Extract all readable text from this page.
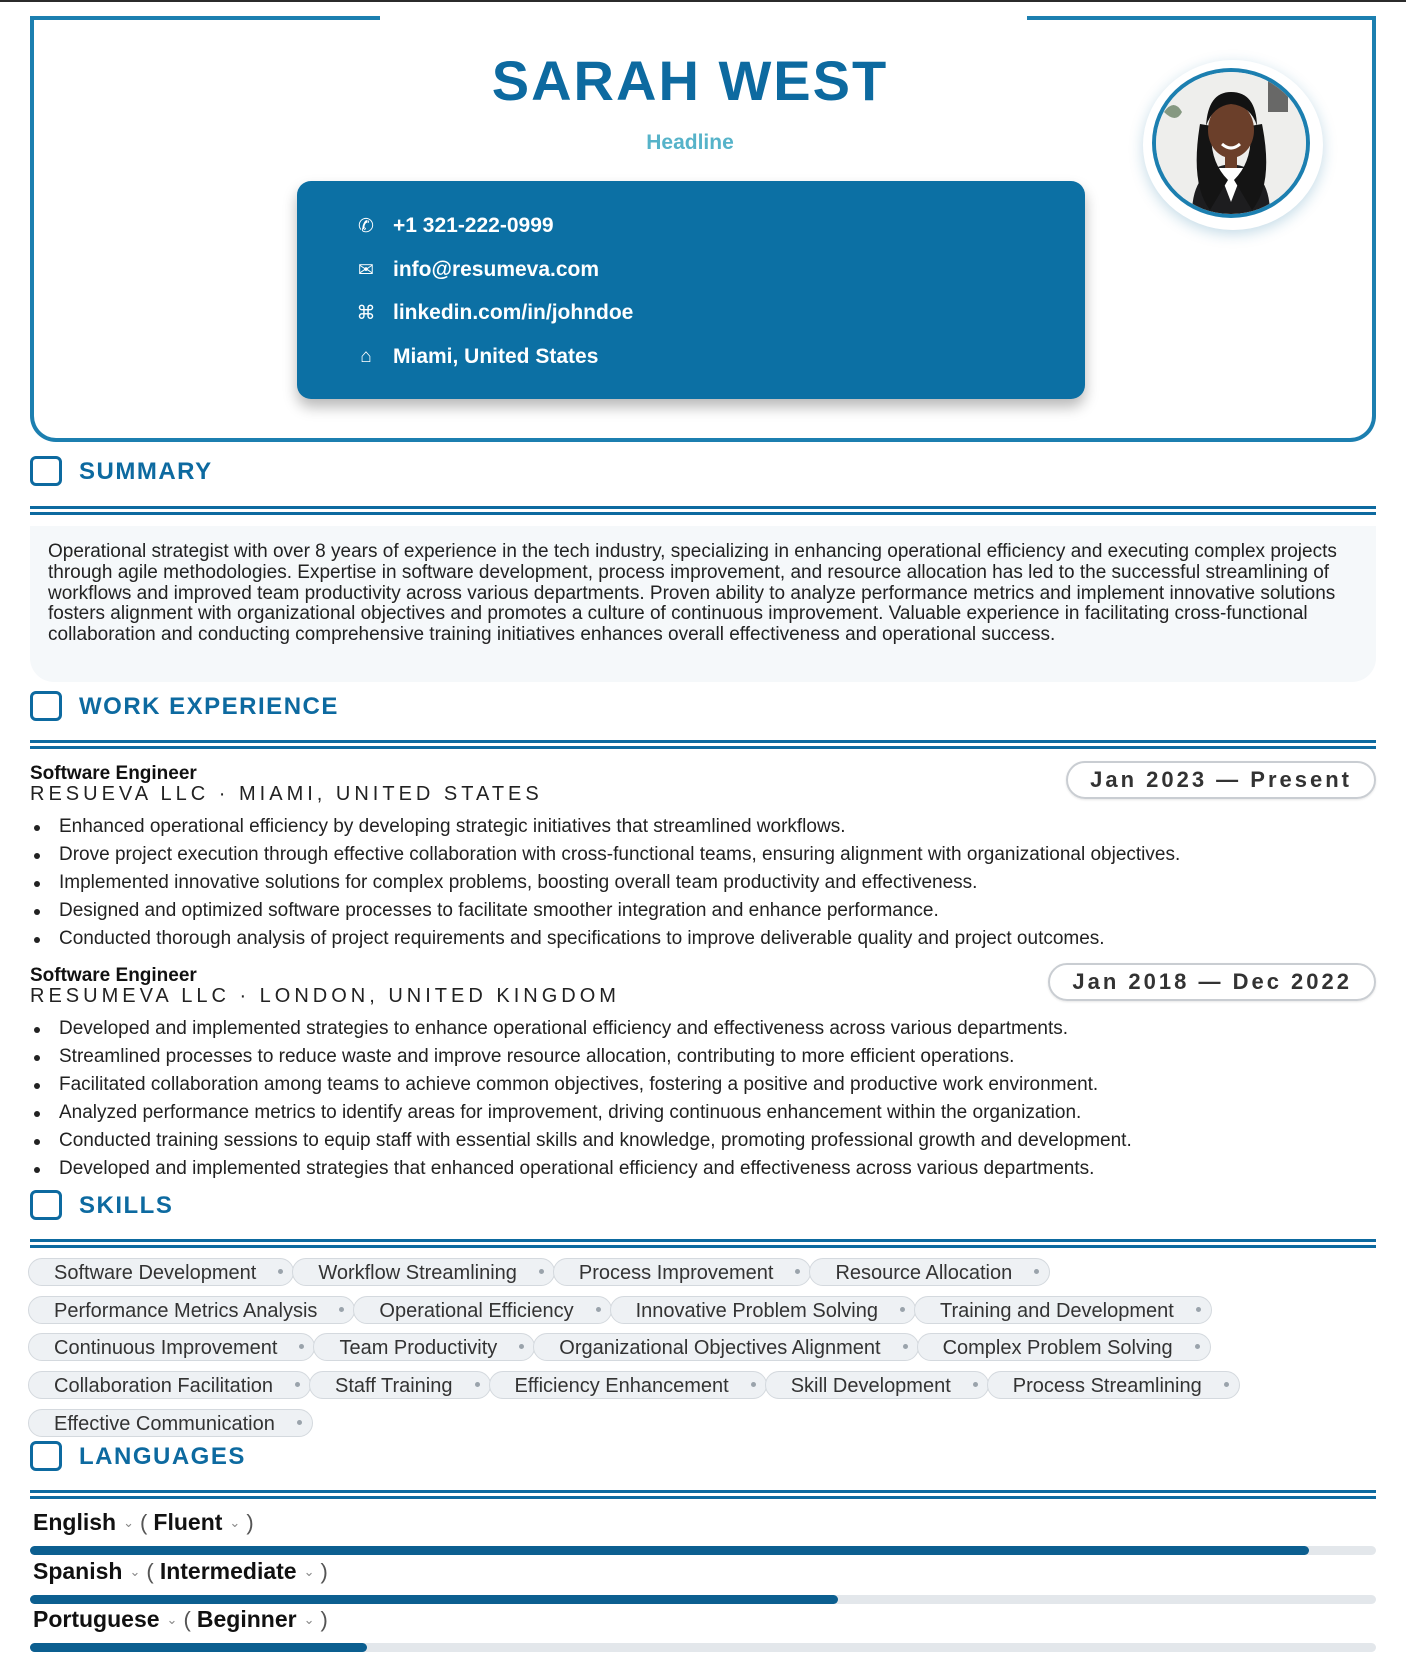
SARAH WEST
Headline
✆ +1 321-222-0999
✉ info@resumeva.com
⌘ linkedin.com/in/johndoe
⌂	Miami, United States
SUMMARY

Operational strategist with over 8 years of experience in the tech industry, specializing in enhancing operational efficiency and executing complex projects through agile methodologies. Expertise in software development, process improvement, and resource allocation has led to the successful streamlining of workflows and improved team productivity across various departments. Proven ability to analyze performance metrics and implement innovative solutions fosters alignment with organizational objectives and promotes a culture of continuous improvement. Valuable experience in facilitating cross-functional collaboration and conducting comprehensive training initiatives enhances overall effectiveness and operational success.

WORK EXPERIENCE
Software Engineer
RESUEVA LLC · MIAMI, UNITED STATES
Jan 2023 — Present
Enhanced operational efficiency by developing strategic initiatives that streamlined workflows.
Drove project execution through effective collaboration with cross-functional teams, ensuring alignment with organizational objectives.
Implemented innovative solutions for complex problems, boosting overall team productivity and effectiveness.
Designed and optimized software processes to facilitate smoother integration and enhance performance.
Conducted thorough analysis of project requirements and specifications to improve deliverable quality and project outcomes.
Software Engineer
RESUMEVA LLC · LONDON, UNITED KINGDOM
Jan 2018 — Dec 2022
Developed and implemented strategies to enhance operational efficiency and effectiveness across various departments.
Streamlined processes to reduce waste and improve resource allocation, contributing to more efficient operations.
Facilitated collaboration among teams to achieve common objectives, fostering a positive and productive work environment.
Analyzed performance metrics to identify areas for improvement, driving continuous enhancement within the organization.
Conducted training sessions to equip staff with essential skills and knowledge, promoting professional growth and development.
Developed and implemented strategies that enhanced operational efficiency and effectiveness across various departments.
SKILLS
Software Development	Workflow Streamlining	Process Improvement	Resource Allocation
Performance Metrics Analysis	Operational Efficiency	Innovative Problem Solving	Training and Development
Continuous Improvement	Team Productivity	Organizational Objectives Alignment	Complex Problem Solving
Collaboration Facilitation	Staff Training	Efficiency Enhancement	Skill Development	Process Streamlining
Effective Communication
LANGUAGES
English ⌄ ( Fluent ⌄ )
Spanish ⌄ ( Intermediate ⌄ )
Portuguese ⌄ ( Beginner ⌄ )
